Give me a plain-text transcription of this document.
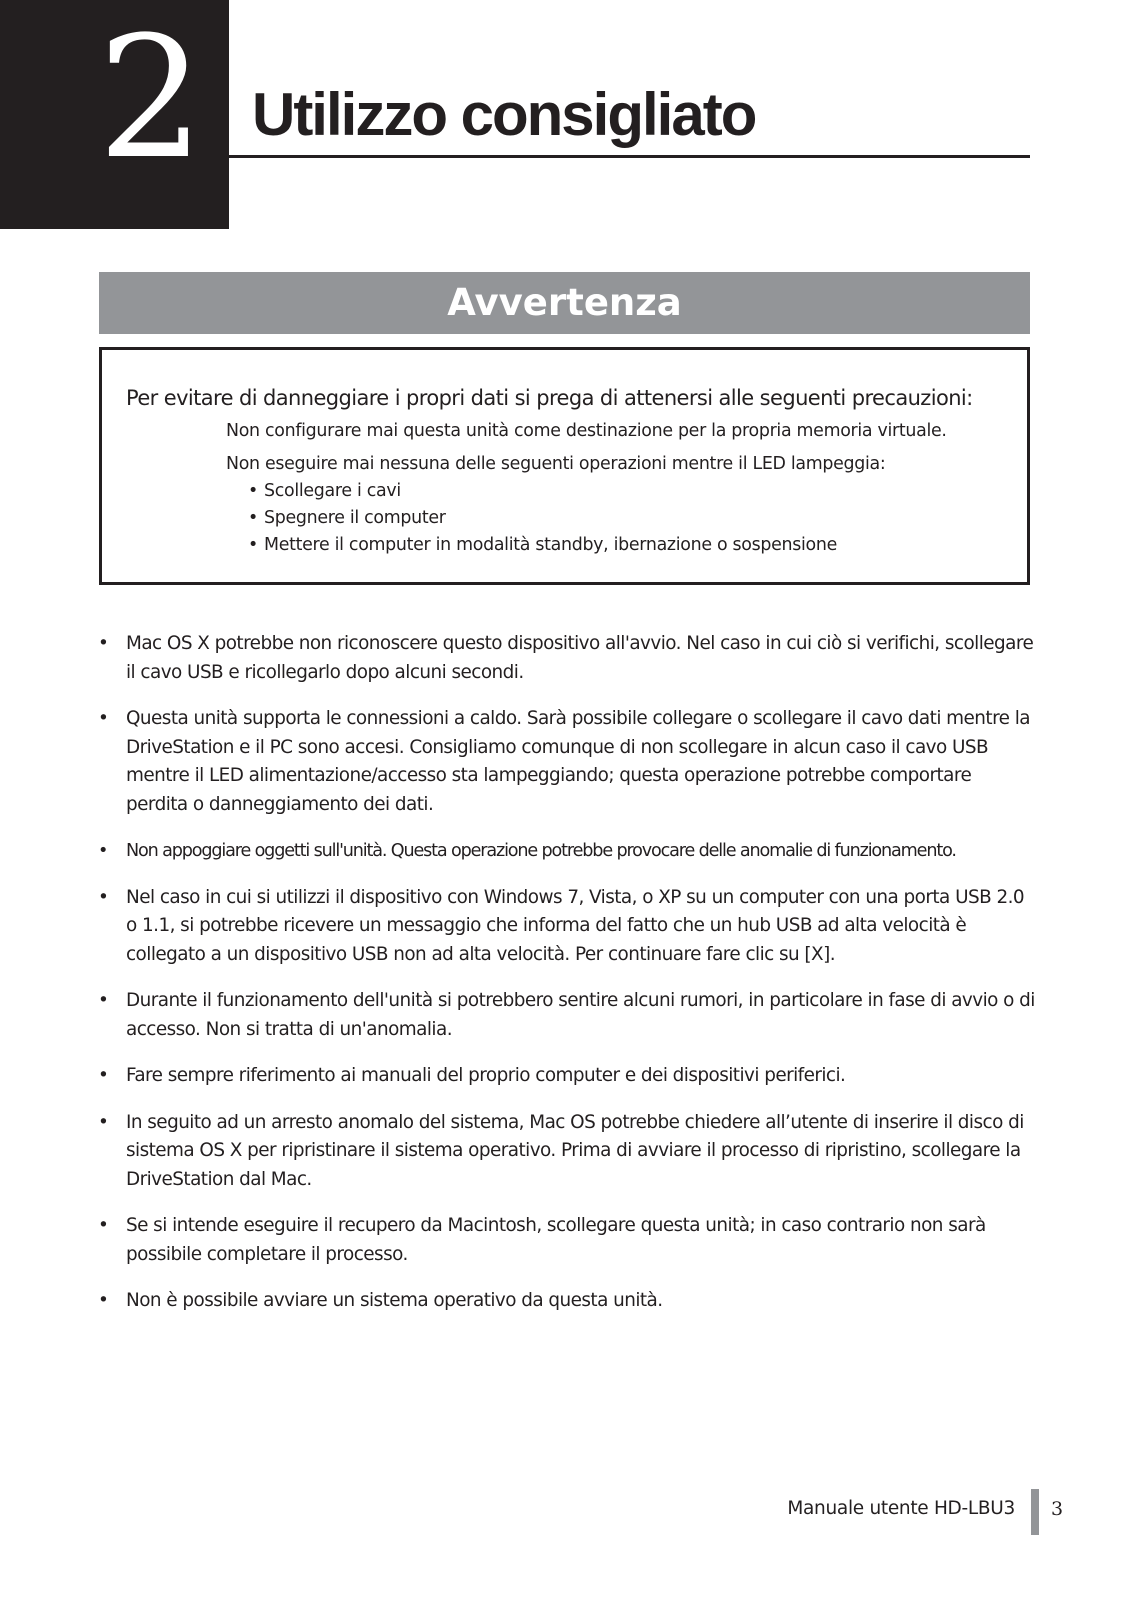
2 Utilizzo consigliato
Avvertenza
Per evitare di danneggiare i propri dati si prega di attenersi alle seguenti precauzioni:
Non configurare mai questa unità come destinazione per la propria memoria virtuale.
Non eseguire mai nessuna delle seguenti operazioni mentre il LED lampeggia:
• Scollegare i cavi
• Spegnere il computer
• Mettere il computer in modalità standby, ibernazione o sospensione
• Mac OS X potrebbe non riconoscere questo dispositivo all'avvio. Nel caso in cui ciò si verifichi, scollegare il cavo USB e ricollegarlo dopo alcuni secondi.
• Questa unità supporta le connessioni a caldo. Sarà possibile collegare o scollegare il cavo dati mentre la DriveStation e il PC sono accesi. Consigliamo comunque di non scollegare in alcun caso il cavo USB mentre il LED alimentazione/accesso sta lampeggiando; questa operazione potrebbe comportare perdita o danneggiamento dei dati.
•	Non appoggiare oggetti sull'unità. Questa operazione potrebbe provocare delle anomalie di funzionamento.
• Nel caso in cui si utilizzi il dispositivo con Windows 7, Vista, o XP su un computer con una porta USB 2.0 o 1.1, si potrebbe ricevere un messaggio che informa del fatto che un hub USB ad alta velocità è collegato a un dispositivo USB non ad alta velocità. Per continuare fare clic su [X].
• Durante il funzionamento dell'unità si potrebbero sentire alcuni rumori, in particolare in fase di avvio o di accesso. Non si tratta di un'anomalia.
• Fare sempre riferimento ai manuali del proprio computer e dei dispositivi periferici.
• In seguito ad un arresto anomalo del sistema, Mac OS potrebbe chiedere all’utente di inserire il disco di sistema OS X per ripristinare il sistema operativo. Prima di avviare il processo di ripristino, scollegare la DriveStation dal Mac.
• Se si intende eseguire il recupero da Macintosh, scollegare questa unità; in caso contrario non sarà possibile completare il processo.
• Non è possibile avviare un sistema operativo da questa unità.
Manuale utente HD-LBU3 3
